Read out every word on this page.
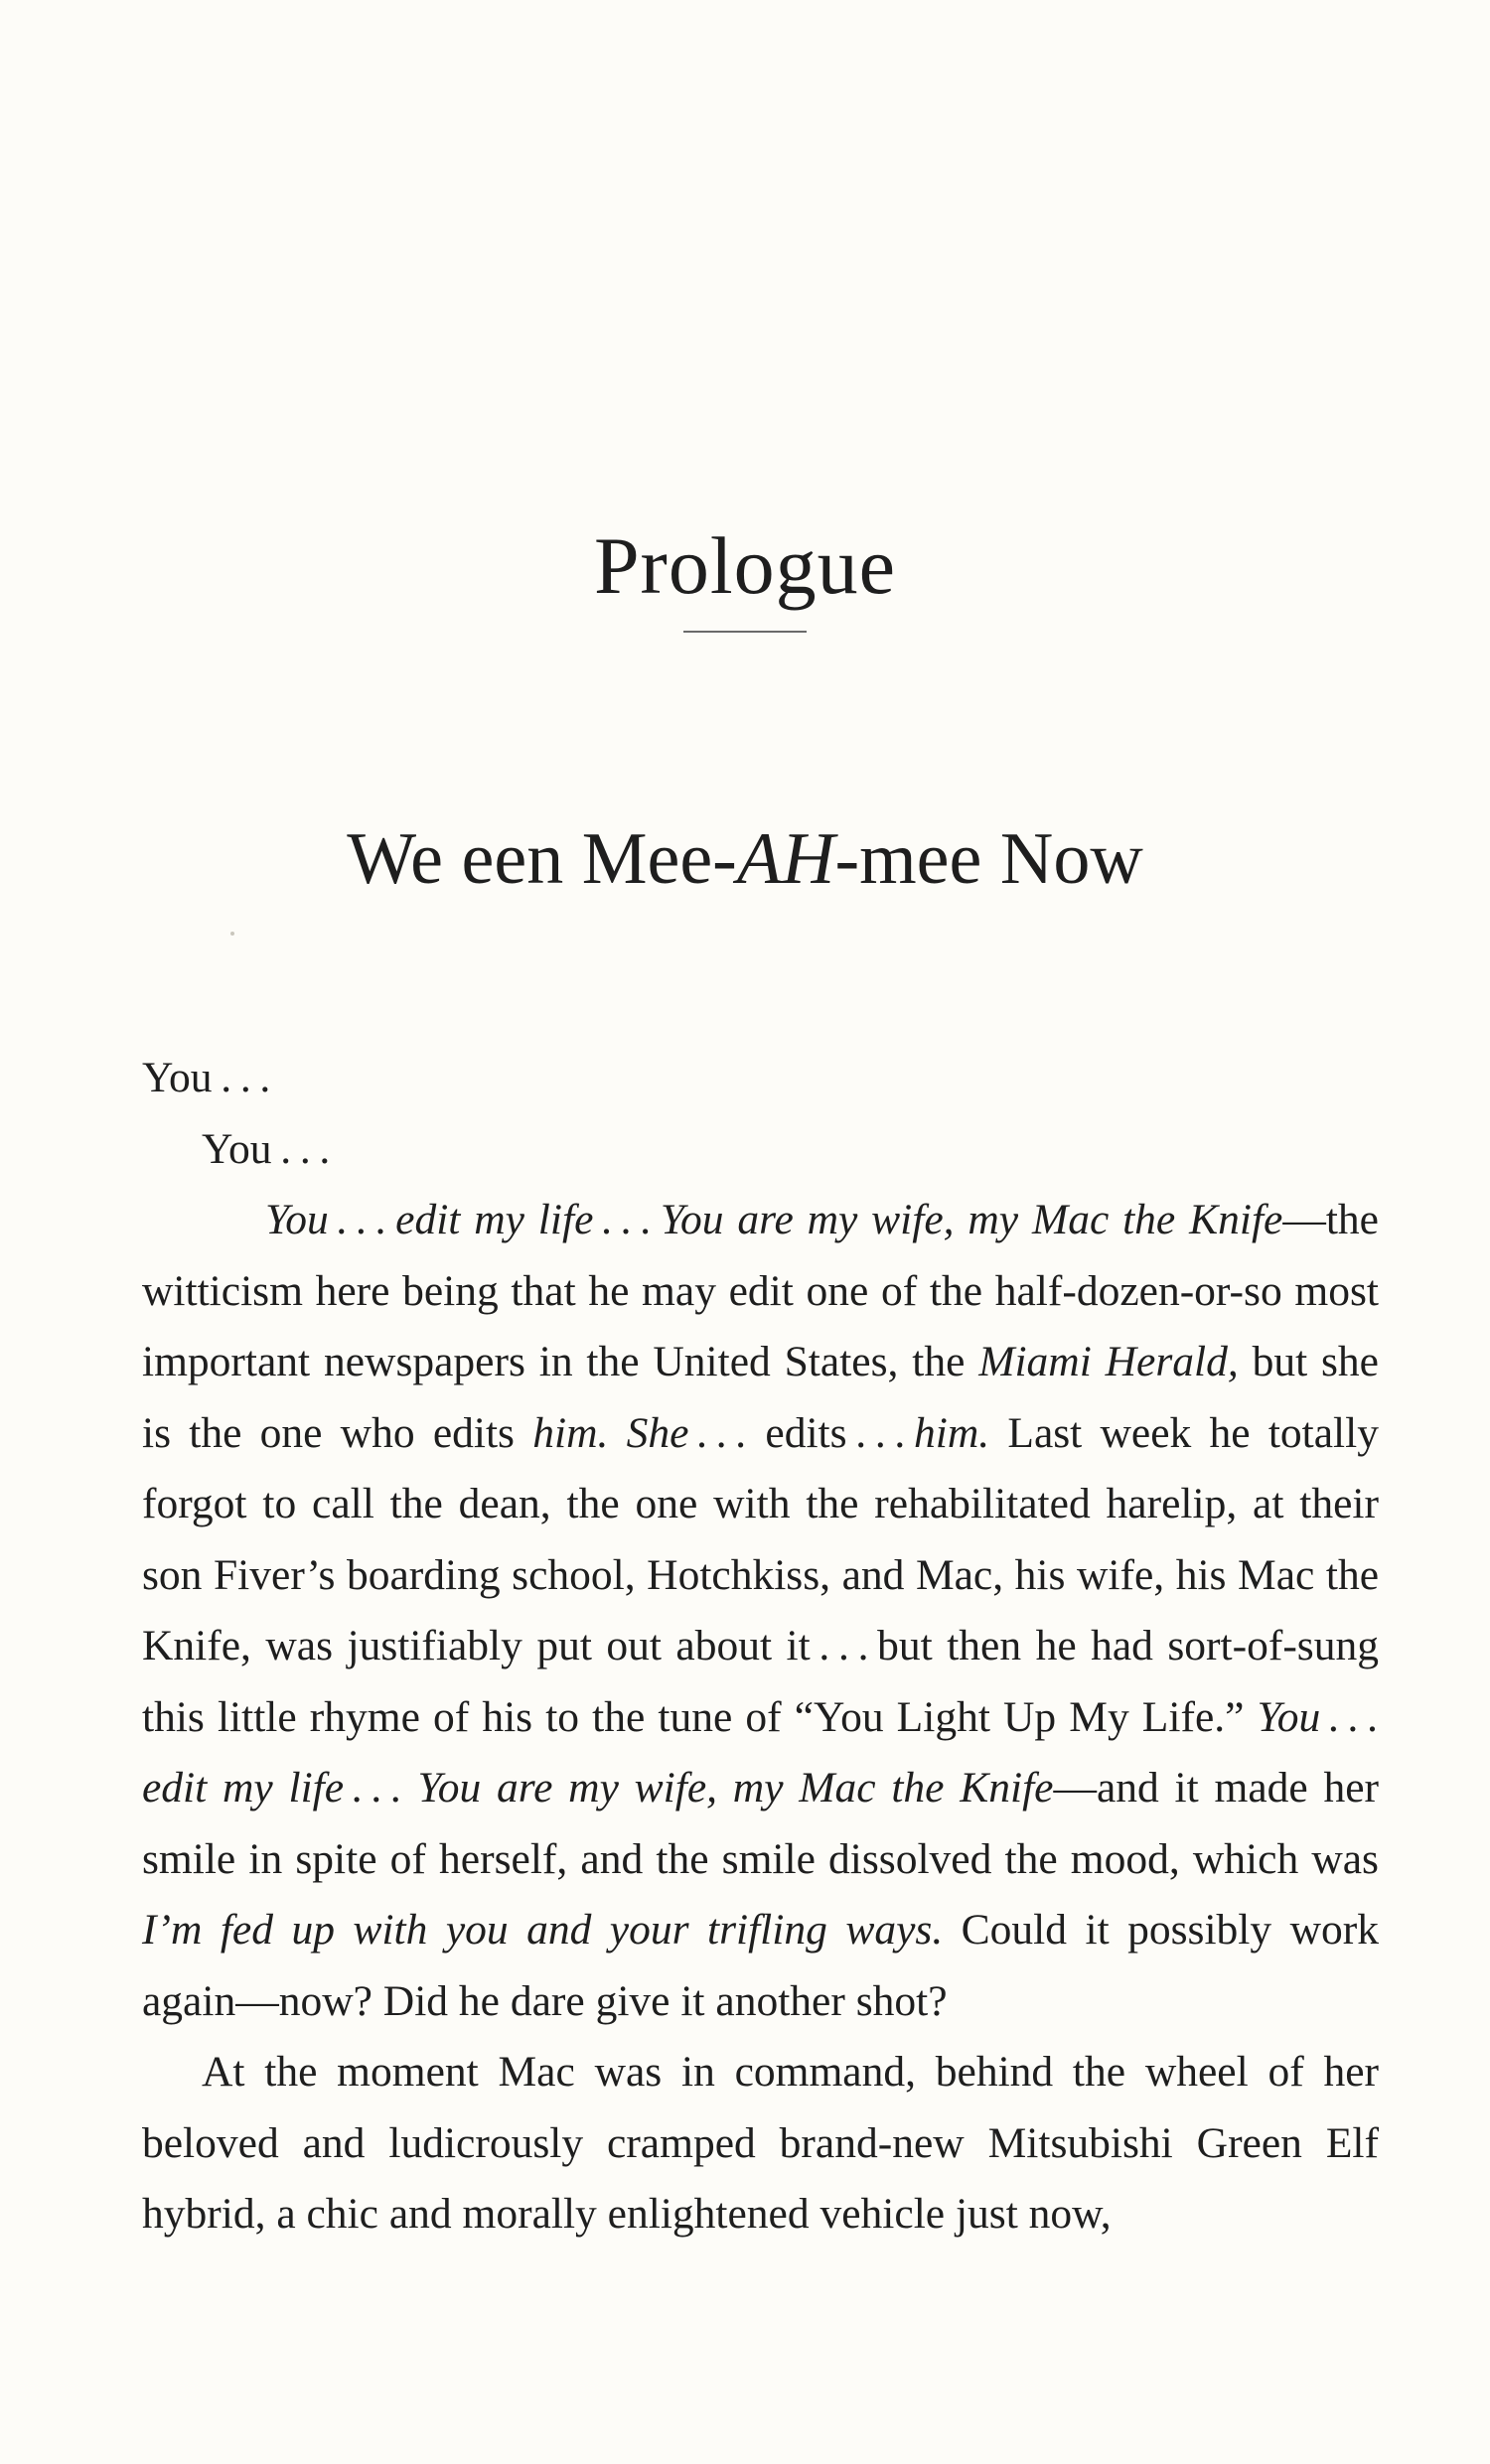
Prologue
We een Mee-AH-mee Now

You . . .

You . . .

You . . . edit my life . . . You are my wife, my Mac the Knife—the witticism here being that he may edit one of the half-dozen-or-so most important newspapers in the United States, the Miami Herald, but she is the one who edits him. She . . . edits . . . him. Last week he totally forgot to call the dean, the one with the rehabilitated harelip, at their son Fiver’s boarding school, Hotchkiss, and Mac, his wife, his Mac the Knife, was justifiably put out about it . . . but then he had sort-of-sung this little rhyme of his to the tune of “You Light Up My Life.” You . . . edit my life . . . You are my wife, my Mac the Knife—and it made her smile in spite of herself, and the smile dissolved the mood, which was I’m fed up with you and your trifling ways. Could it possibly work again—now? Did he dare give it another shot?

At the moment Mac was in command, behind the wheel of her beloved and ludicrously cramped brand-new Mitsubishi Green Elf hybrid, a chic and morally enlightened vehicle just now,
